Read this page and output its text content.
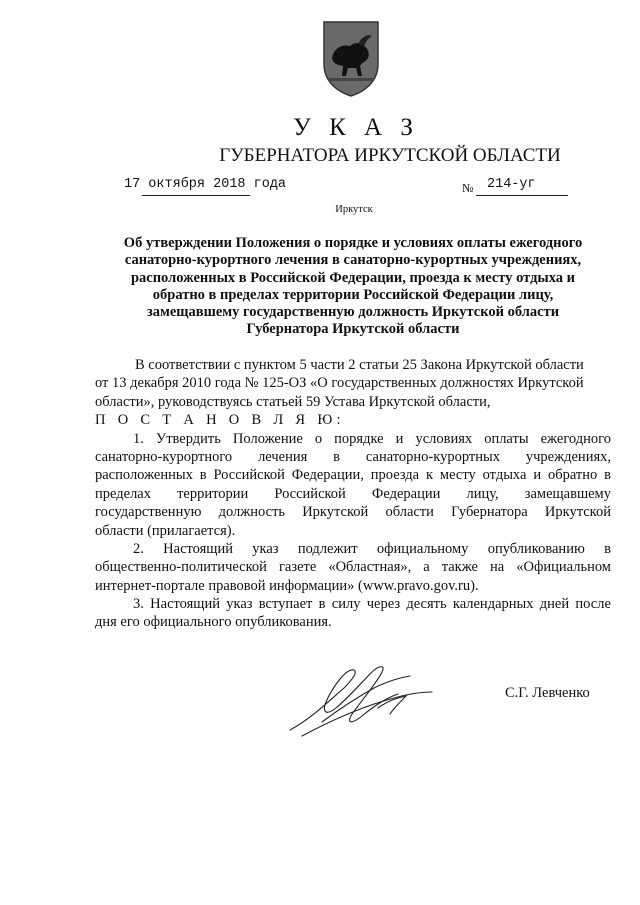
У К А З
ГУБЕРНАТОРА ИРКУТСКОЙ ОБЛАСТИ
17 октября 2018 года	№ 214-уг
Иркутск
Об утверждении Положения о порядке и условиях оплаты ежегодного
санаторно-курортного лечения в санаторно-курортных учреждениях,
расположенных в Российской Федерации, проезда к месту отдыха и
обратно в пределах территории Российской Федерации лицу,
замещавшему государственную должность Иркутской области
Губернатора Иркутской области
В соответствии с пунктом 5 части 2 статьи 25 Закона Иркутской области
от 13 декабря 2010 года № 125-ОЗ «О государственных должностях Иркутской
области», руководствуясь статьей 59 Устава Иркутской области,
П О С Т А Н О В Л Я Ю:
1. Утвердить Положение о порядке и условиях оплаты ежегодного
санаторно-курортного лечения в санаторно-курортных учреждениях,
расположенных в Российской Федерации, проезда к месту отдыха и обратно в
пределах территории Российской Федерации лицу, замещавшему
государственную должность Иркутской области Губернатора Иркутской
области (прилагается).
2. Настоящий указ подлежит официальному опубликованию в
общественно-политической газете «Областная», а также на «Официальном
интернет-портале правовой информации» (www.pravo.gov.ru).
3. Настоящий указ вступает в силу через десять календарных дней после
дня его официального опубликования.
С.Г. Левченко
